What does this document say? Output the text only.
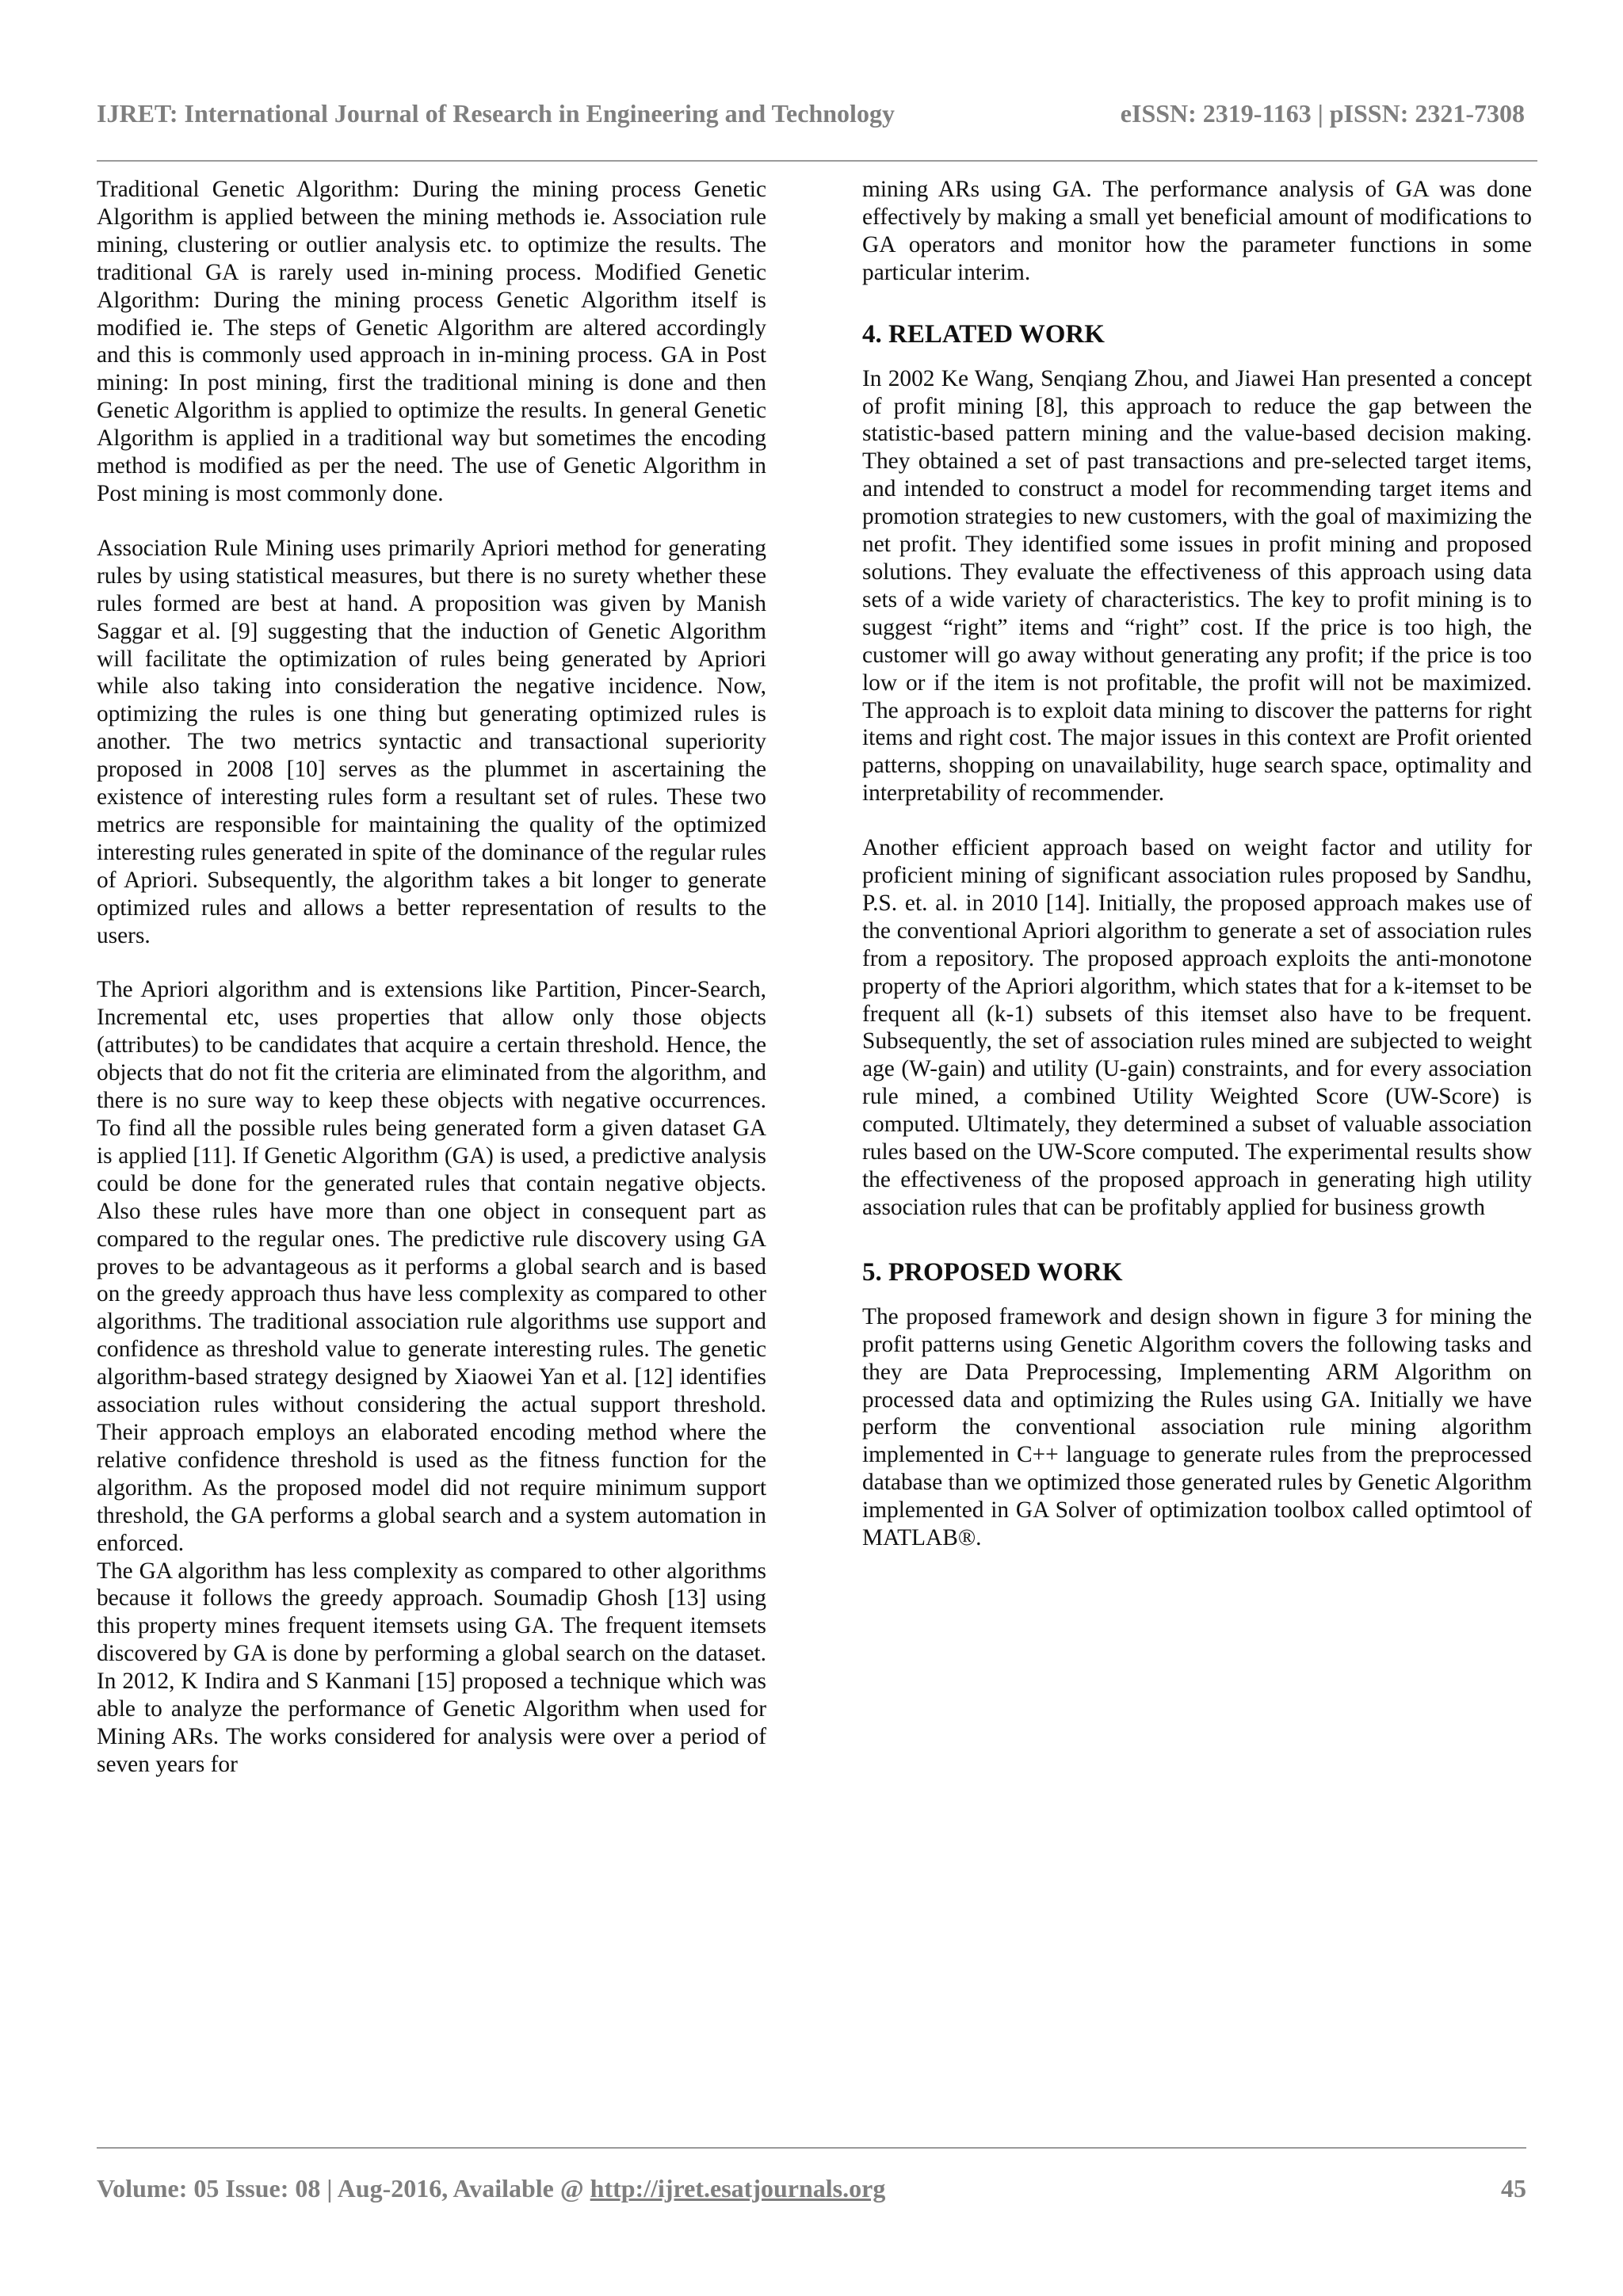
IJRET: International Journal of Research in Engineering and Technology	eISSN: 2319-1163 | pISSN: 2321-7308

Traditional Genetic Algorithm: During the mining process Genetic Algorithm is applied between the mining methods ie. Association rule mining, clustering or outlier analysis etc. to optimize the results. The traditional GA is rarely used in-mining process. Modified Genetic Algorithm: During the mining process Genetic Algorithm itself is modified ie. The steps of Genetic Algorithm are altered accordingly and this is commonly used approach in in-mining process. GA in Post mining: In post mining, first the traditional mining is done and then Genetic Algorithm is applied to optimize the results. In general Genetic Algorithm is applied in a traditional way but sometimes the encoding method is modified as per the need. The use of Genetic Algorithm in Post mining is most commonly done.

Association Rule Mining uses primarily Apriori method for generating rules by using statistical measures, but there is no surety whether these rules formed are best at hand. A proposition was given by Manish Saggar et al. [9] suggesting that the induction of Genetic Algorithm will facilitate the optimization of rules being generated by Apriori while also taking into consideration the negative incidence. Now, optimizing the rules is one thing but generating optimized rules is another. The two metrics syntactic and transactional superiority proposed in 2008 [10] serves as the plummet in ascertaining the existence of interesting rules form a resultant set of rules. These two metrics are responsible for maintaining the quality of the optimized interesting rules generated in spite of the dominance of the regular rules of Apriori. Subsequently, the algorithm takes a bit longer to generate optimized rules and allows a better representation of results to the users.

The Apriori algorithm and is extensions like Partition, Pincer-Search, Incremental etc, uses properties that allow only those objects (attributes) to be candidates that acquire a certain threshold. Hence, the objects that do not fit the criteria are eliminated from the algorithm, and there is no sure way to keep these objects with negative occurrences. To find all the possible rules being generated form a given dataset GA is applied [11]. If Genetic Algorithm (GA) is used, a predictive analysis could be done for the generated rules that contain negative objects. Also these rules have more than one object in consequent part as compared to the regular ones. The predictive rule discovery using GA proves to be advantageous as it performs a global search and is based on the greedy approach thus have less complexity as compared to other algorithms. The traditional association rule algorithms use support and confidence as threshold value to generate interesting rules. The genetic algorithm-based strategy designed by Xiaowei Yan et al. [12] identifies association rules without considering the actual support threshold. Their approach employs an elaborated encoding method where the relative confidence threshold is used as the fitness function for the algorithm. As the proposed model did not require minimum support threshold, the GA performs a global search and a system automation in enforced.

The GA algorithm has less complexity as compared to other algorithms because it follows the greedy approach. Soumadip Ghosh [13] using this property mines frequent itemsets using GA. The frequent itemsets discovered by GA is done by performing a global search on the dataset. In 2012, K Indira and S Kanmani [15] proposed a technique which was able to analyze the performance of Genetic Algorithm when used for Mining ARs. The works considered for analysis were over a period of seven years for

mining ARs using GA. The performance analysis of GA was done effectively by making a small yet beneficial amount of modifications to GA operators and monitor how the parameter functions in some particular interim.

4. RELATED WORK

In 2002 Ke Wang, Senqiang Zhou, and Jiawei Han presented a concept of profit mining [8], this approach to reduce the gap between the statistic-based pattern mining and the value-based decision making. They obtained a set of past transactions and pre-selected target items, and intended to construct a model for recommending target items and promotion strategies to new customers, with the goal of maximizing the net profit. They identified some issues in profit mining and proposed solutions. They evaluate the effectiveness of this approach using data sets of a wide variety of characteristics. The key to profit mining is to suggest “right” items and “right” cost. If the price is too high, the customer will go away without generating any profit; if the price is too low or if the item is not profitable, the profit will not be maximized. The approach is to exploit data mining to discover the patterns for right items and right cost. The major issues in this context are Profit oriented patterns, shopping on unavailability, huge search space, optimality and interpretability of recommender.

Another efficient approach based on weight factor and utility for proficient mining of significant association rules proposed by Sandhu, P.S. et. al. in 2010 [14]. Initially, the proposed approach makes use of the conventional Apriori algorithm to generate a set of association rules from a repository. The proposed approach exploits the anti-monotone property of the Apriori algorithm, which states that for a k-itemset to be frequent all (k-1) subsets of this itemset also have to be frequent. Subsequently, the set of association rules mined are subjected to weight age (W-gain) and utility (U-gain) constraints, and for every association rule mined, a combined Utility Weighted Score (UW-Score) is computed. Ultimately, they determined a subset of valuable association rules based on the UW-Score computed. The experimental results show the effectiveness of the proposed approach in generating high utility association rules that can be profitably applied for business growth

5. PROPOSED WORK

The proposed framework and design shown in figure 3 for mining the profit patterns using Genetic Algorithm covers the following tasks and they are Data Preprocessing, Implementing ARM Algorithm on processed data and optimizing the Rules using GA. Initially we have perform the conventional association rule mining algorithm implemented in C++ language to generate rules from the preprocessed database than we optimized those generated rules by Genetic Algorithm implemented in GA Solver of optimization toolbox called optimtool of MATLAB®.

Volume: 05 Issue: 08 | Aug-2016, Available @ http://ijret.esatjournals.org	45
